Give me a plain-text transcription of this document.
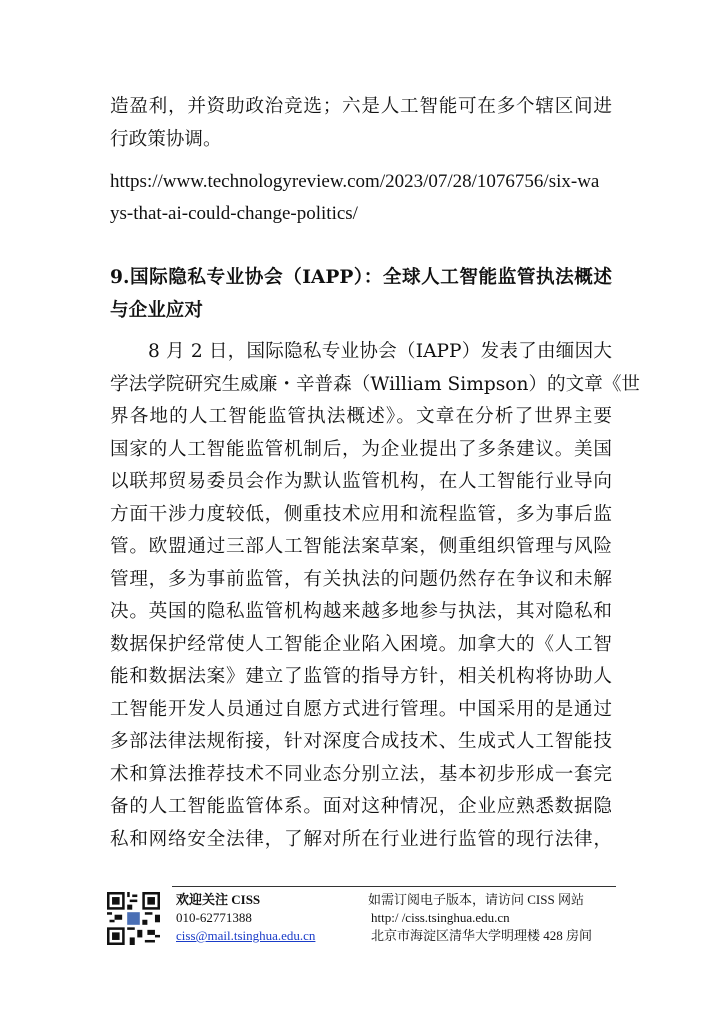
造盈利，并资助政治竞选；六是人工智能可在多个辖区间进
行政策协调。
https://www.technologyreview.com/2023/07/28/1076756/six-wa
ys-that-ai-could-change-politics/
9.国际隐私专业协会（IAPP）：全球人工智能监管执法概述
与企业应对
8 月 2 日，国际隐私专业协会（IAPP）发表了由缅因大
学法学院研究生威廉・辛普森（William Simpson）的文章《世
界各地的人工智能监管执法概述》。文章在分析了世界主要
国家的人工智能监管机制后，为企业提出了多条建议。美国
以联邦贸易委员会作为默认监管机构，在人工智能行业导向
方面干涉力度较低，侧重技术应用和流程监管，多为事后监
管。欧盟通过三部人工智能法案草案，侧重组织管理与风险
管理，多为事前监管，有关执法的问题仍然存在争议和未解
决。英国的隐私监管机构越来越多地参与执法，其对隐私和
数据保护经常使人工智能企业陷入困境。加拿大的《人工智
能和数据法案》建立了监管的指导方针，相关机构将协助人
工智能开发人员通过自愿方式进行管理。中国采用的是通过
多部法律法规衔接，针对深度合成技术、生成式人工智能技
术和算法推荐技术不同业态分别立法，基本初步形成一套完
备的人工智能监管体系。面对这种情况，企业应熟悉数据隐
私和网络安全法律，了解对所在行业进行监管的现行法律，
欢迎关注 CISS
010-62771388
ciss@mail.tsinghua.edu.cn
如需订阅电子版本，请访问 CISS 网站
http:/ /ciss.tsinghua.edu.cn
北京市海淀区清华大学明理楼 428 房间
